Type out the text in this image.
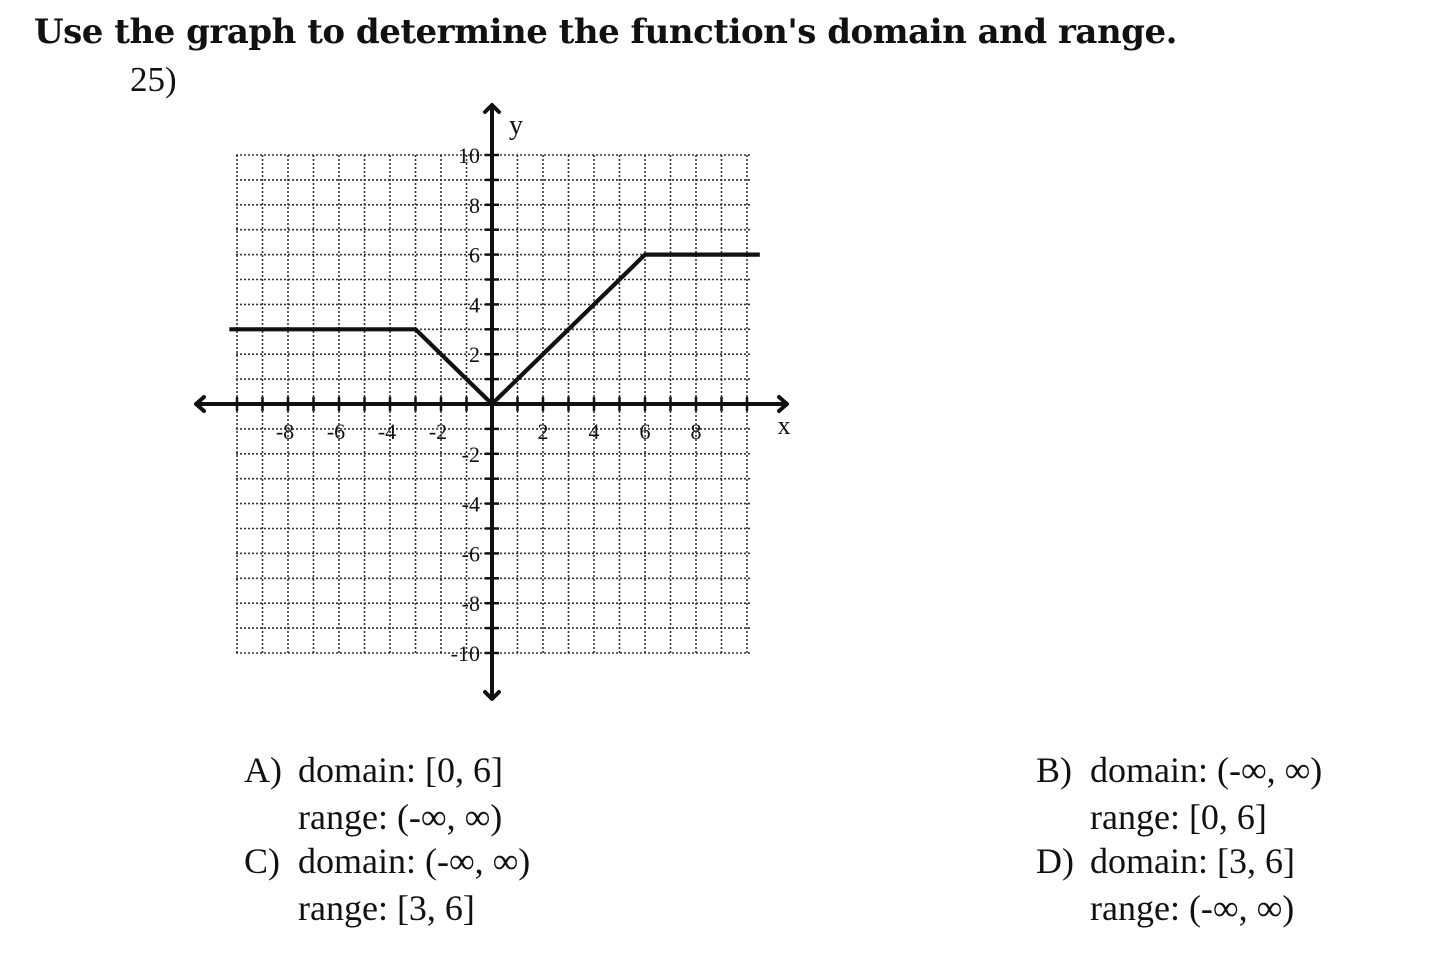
Use the graph to determine the function's domain and range.
25)
-8 -6 -4 -2	2 4 6 8
10
8
6
4
2
-2
-4
-6
-8
-10
x
y
A) domain: [0, 6]
range: (-∞, ∞)
B) domain: (-∞, ∞)
range: [0, 6]
C) domain: (-∞, ∞)
range: [3, 6]
D) domain: [3, 6]
range: (-∞, ∞)
